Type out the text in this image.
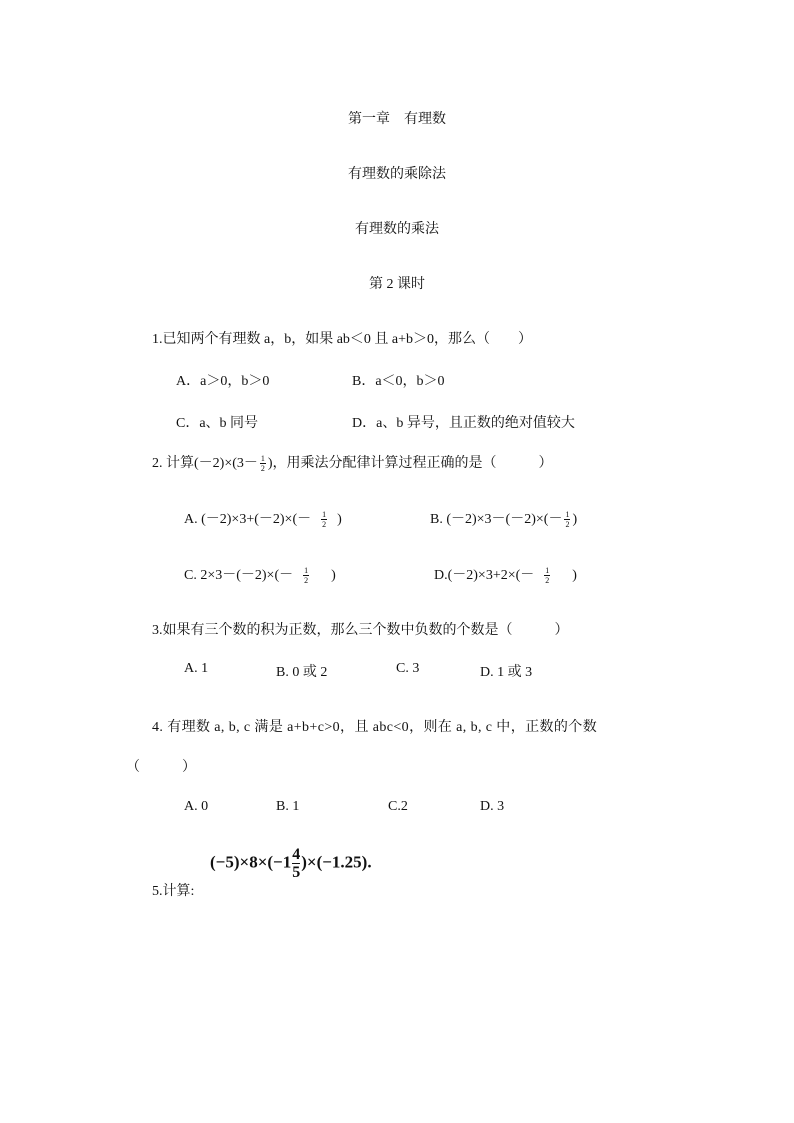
第一章　有理数
有理数的乘除法
有理数的乘法
第 2 课时
1.已知两个有理数 a，b，如果 ab＜0 且 a+b＞0，那么（　　）
A．a＞0，b＞0	B．a＜0，b＞0
C．a、b 同号	D．a、b 异号，且正数的绝对值较大
2. 计算$(-2)\times(3- \frac{1}{2}$ )，用乘法分配律计算过程正确的是（　　　）
A. $(-2)\times 3+(-2)\times(- \frac{1}{2}$ )	B. $(-2)\times 3-(-2)\times(- \frac{1}{2}$ )
C. $2\times 3-(-2)\times(- \frac{1}{2}$ )	$D.(-2)\times 3+2\times(- \frac{1}{2}$ )
3.如果有三个数的积为正数，那么三个数中负数的个数是（　　　）
A. 1	B. 0 或 2	C. 3	D. 1 或 3
4. 有理数 a, b, c 满是 a+b+c>0，且 abc<0，则在 a, b, c 中，正数的个数
（　　　）
A. 0	B. 1	C.2	D. 3
$(-5)\times 8\times(-1 \frac{4}{5} )\times(-1.25)$.
5.计算:
